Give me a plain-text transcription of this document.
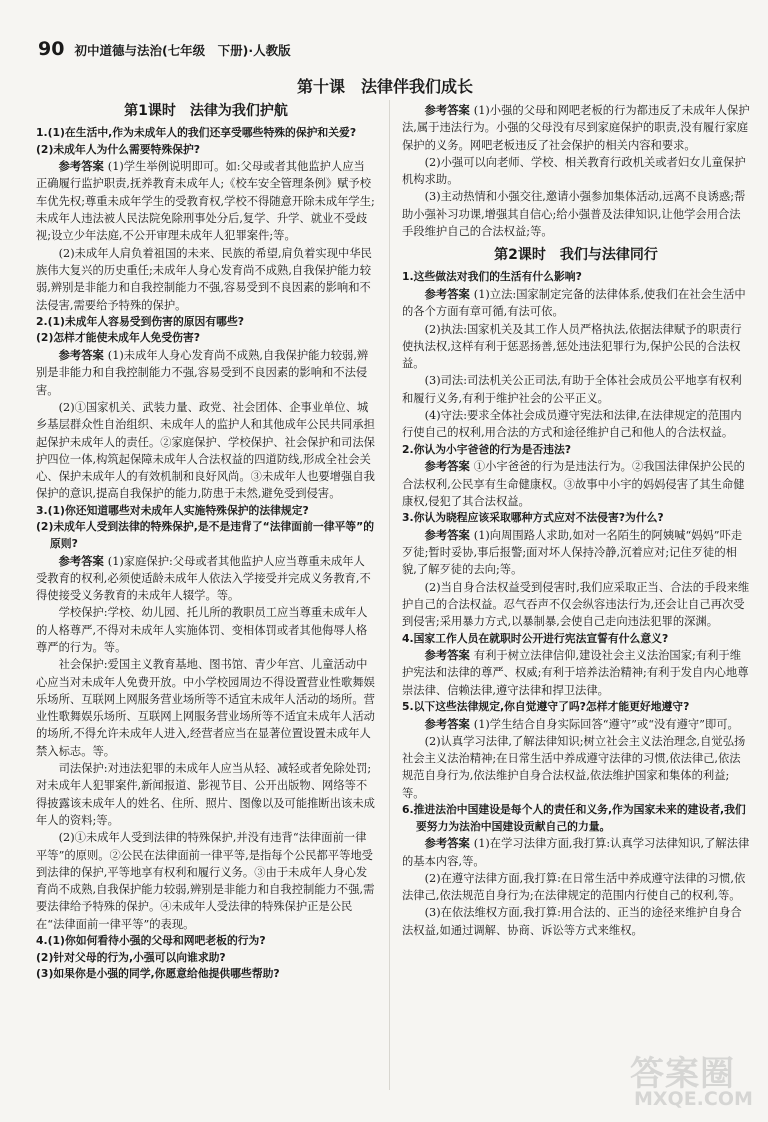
90 初中道德与法治(七年级　下册)·人教版
第十课　法律伴我们成长
第1课时　法律为我们护航
1.(1)在生活中,作为未成年人的我们还享受哪些特殊的保护和关爱?
(2)未成年人为什么需要特殊保护?
参考答案 (1)学生举例说明即可。如:父母或者其他监护人应当正确履行监护职责,抚养教育未成年人;《校车安全管理条例》赋予校车优先权;尊重未成年学生的受教育权,学校不得随意开除未成年学生;未成年人违法被人民法院免除刑事处分后,复学、升学、就业不受歧视;设立少年法庭,不公开审理未成年人犯罪案件;等。
(2)未成年人肩负着祖国的未来、民族的希望,肩负着实现中华民族伟大复兴的历史重任;未成年人身心发育尚不成熟,自我保护能力较弱,辨别是非能力和自我控制能力不强,容易受到不良因素的影响和不法侵害,需要给予特殊的保护。
2.(1)未成年人容易受到伤害的原因有哪些?
(2)怎样才能使未成年人免受伤害?
参考答案 (1)未成年人身心发育尚不成熟,自我保护能力较弱,辨别是非能力和自我控制能力不强,容易受到不良因素的影响和不法侵害。
(2)①国家机关、武装力量、政党、社会团体、企事业单位、城乡基层群众性自治组织、未成年人的监护人和其他成年公民共同承担起保护未成年人的责任。②家庭保护、学校保护、社会保护和司法保护四位一体,构筑起保障未成年人合法权益的四道防线,形成全社会关心、保护未成年人的有效机制和良好风尚。③未成年人也要增强自我保护的意识,提高自我保护的能力,防患于未然,避免受到侵害。
3.(1)你还知道哪些对未成年人实施特殊保护的法律规定?
(2)未成年人受到法律的特殊保护,是不是违背了“法律面前一律平等”的原则?
参考答案 (1)家庭保护:父母或者其他监护人应当尊重未成年人受教育的权利,必须使适龄未成年人依法入学接受并完成义务教育,不得使接受义务教育的未成年人辍学。等。
学校保护:学校、幼儿园、托儿所的教职员工应当尊重未成年人的人格尊严,不得对未成年人实施体罚、变相体罚或者其他侮辱人格尊严的行为。等。
社会保护:爱国主义教育基地、图书馆、青少年宫、儿童活动中心应当对未成年人免费开放。中小学校园周边不得设置营业性歌舞娱乐场所、互联网上网服务营业场所等不适宜未成年人活动的场所。营业性歌舞娱乐场所、互联网上网服务营业场所等不适宜未成年人活动的场所,不得允许未成年人进入,经营者应当在显著位置设置未成年人禁入标志。等。
司法保护:对违法犯罪的未成年人应当从轻、减轻或者免除处罚;对未成年人犯罪案件,新闻报道、影视节目、公开出版物、网络等不得披露该未成年人的姓名、住所、照片、图像以及可能推断出该未成年人的资料;等。
(2)①未成年人受到法律的特殊保护,并没有违背“法律面前一律平等”的原则。②公民在法律面前一律平等,是指每个公民都平等地受到法律的保护,平等地享有权利和履行义务。③由于未成年人身心发育尚不成熟,自我保护能力较弱,辨别是非能力和自我控制能力不强,需要法律给予特殊的保护。④未成年人受法律的特殊保护正是公民在“法律面前一律平等”的表现。
4.(1)你如何看待小强的父母和网吧老板的行为?
(2)针对父母的行为,小强可以向谁求助?
(3)如果你是小强的同学,你愿意给他提供哪些帮助?
参考答案 (1)小强的父母和网吧老板的行为都违反了未成年人保护法,属于违法行为。小强的父母没有尽到家庭保护的职责,没有履行家庭保护的义务。网吧老板违反了社会保护的相关内容和要求。
(2)小强可以向老师、学校、相关教育行政机关或者妇女儿童保护机构求助。
(3)主动热情和小强交往,邀请小强参加集体活动,远离不良诱惑;帮助小强补习功课,增强其自信心;给小强普及法律知识,让他学会用合法手段维护自己的合法权益;等。
第2课时　我们与法律同行
1.这些做法对我们的生活有什么影响?
参考答案 (1)立法:国家制定完备的法律体系,使我们在社会生活中的各个方面有章可循,有法可依。
(2)执法:国家机关及其工作人员严格执法,依据法律赋予的职责行使执法权,这样有利于惩恶扬善,惩处违法犯罪行为,保护公民的合法权益。
(3)司法:司法机关公正司法,有助于全体社会成员公平地享有权利和履行义务,有利于维护社会的公平正义。
(4)守法:要求全体社会成员遵守宪法和法律,在法律规定的范围内行使自己的权利,用合法的方式和途径维护自己和他人的合法权益。
2.你认为小宇爸爸的行为是否违法?
参考答案 ①小宇爸爸的行为是违法行为。②我国法律保护公民的合法权利,公民享有生命健康权。③故事中小宇的妈妈侵害了其生命健康权,侵犯了其合法权益。
3.你认为晓程应该采取哪种方式应对不法侵害?为什么?
参考答案 (1)向周围路人求助,如对一名陌生的阿姨喊“妈妈”吓走歹徒;暂时妥协,事后报警;面对坏人保持冷静,沉着应对;记住歹徒的相貌,了解歹徒的去向;等。
(2)当自身合法权益受到侵害时,我们应采取正当、合法的手段来维护自己的合法权益。忍气吞声不仅会纵容违法行为,还会让自己再次受到侵害;采用暴力方式,以暴制暴,会使自己走向违法犯罪的深渊。
4.国家工作人员在就职时公开进行宪法宣誓有什么意义?
参考答案 有利于树立法律信仰,建设社会主义法治国家;有利于维护宪法和法律的尊严、权威;有利于培养法治精神;有利于发自内心地尊崇法律、信赖法律,遵守法律和捍卫法律。
5.以下这些法律规定,你自觉遵守了吗?怎样才能更好地遵守?
参考答案 (1)学生结合自身实际回答“遵守”或“没有遵守”即可。
(2)认真学习法律,了解法律知识;树立社会主义法治理念,自觉弘扬社会主义法治精神;在日常生活中养成遵守法律的习惯,依法律己,依法规范自身行为,依法维护自身合法权益,依法维护国家和集体的利益;等。
6.推进法治中国建设是每个人的责任和义务,作为国家未来的建设者,我们要努力为法治中国建设贡献自己的力量。
参考答案 (1)在学习法律方面,我打算:认真学习法律知识,了解法律的基本内容,等。
(2)在遵守法律方面,我打算:在日常生活中养成遵守法律的习惯,依法律己,依法规范自身行为;在法律规定的范围内行使自己的权利,等。
(3)在依法维权方面,我打算:用合法的、正当的途径来维护自身合法权益,如通过调解、协商、诉讼等方式来维权。
答案圈
MXQE.COM
